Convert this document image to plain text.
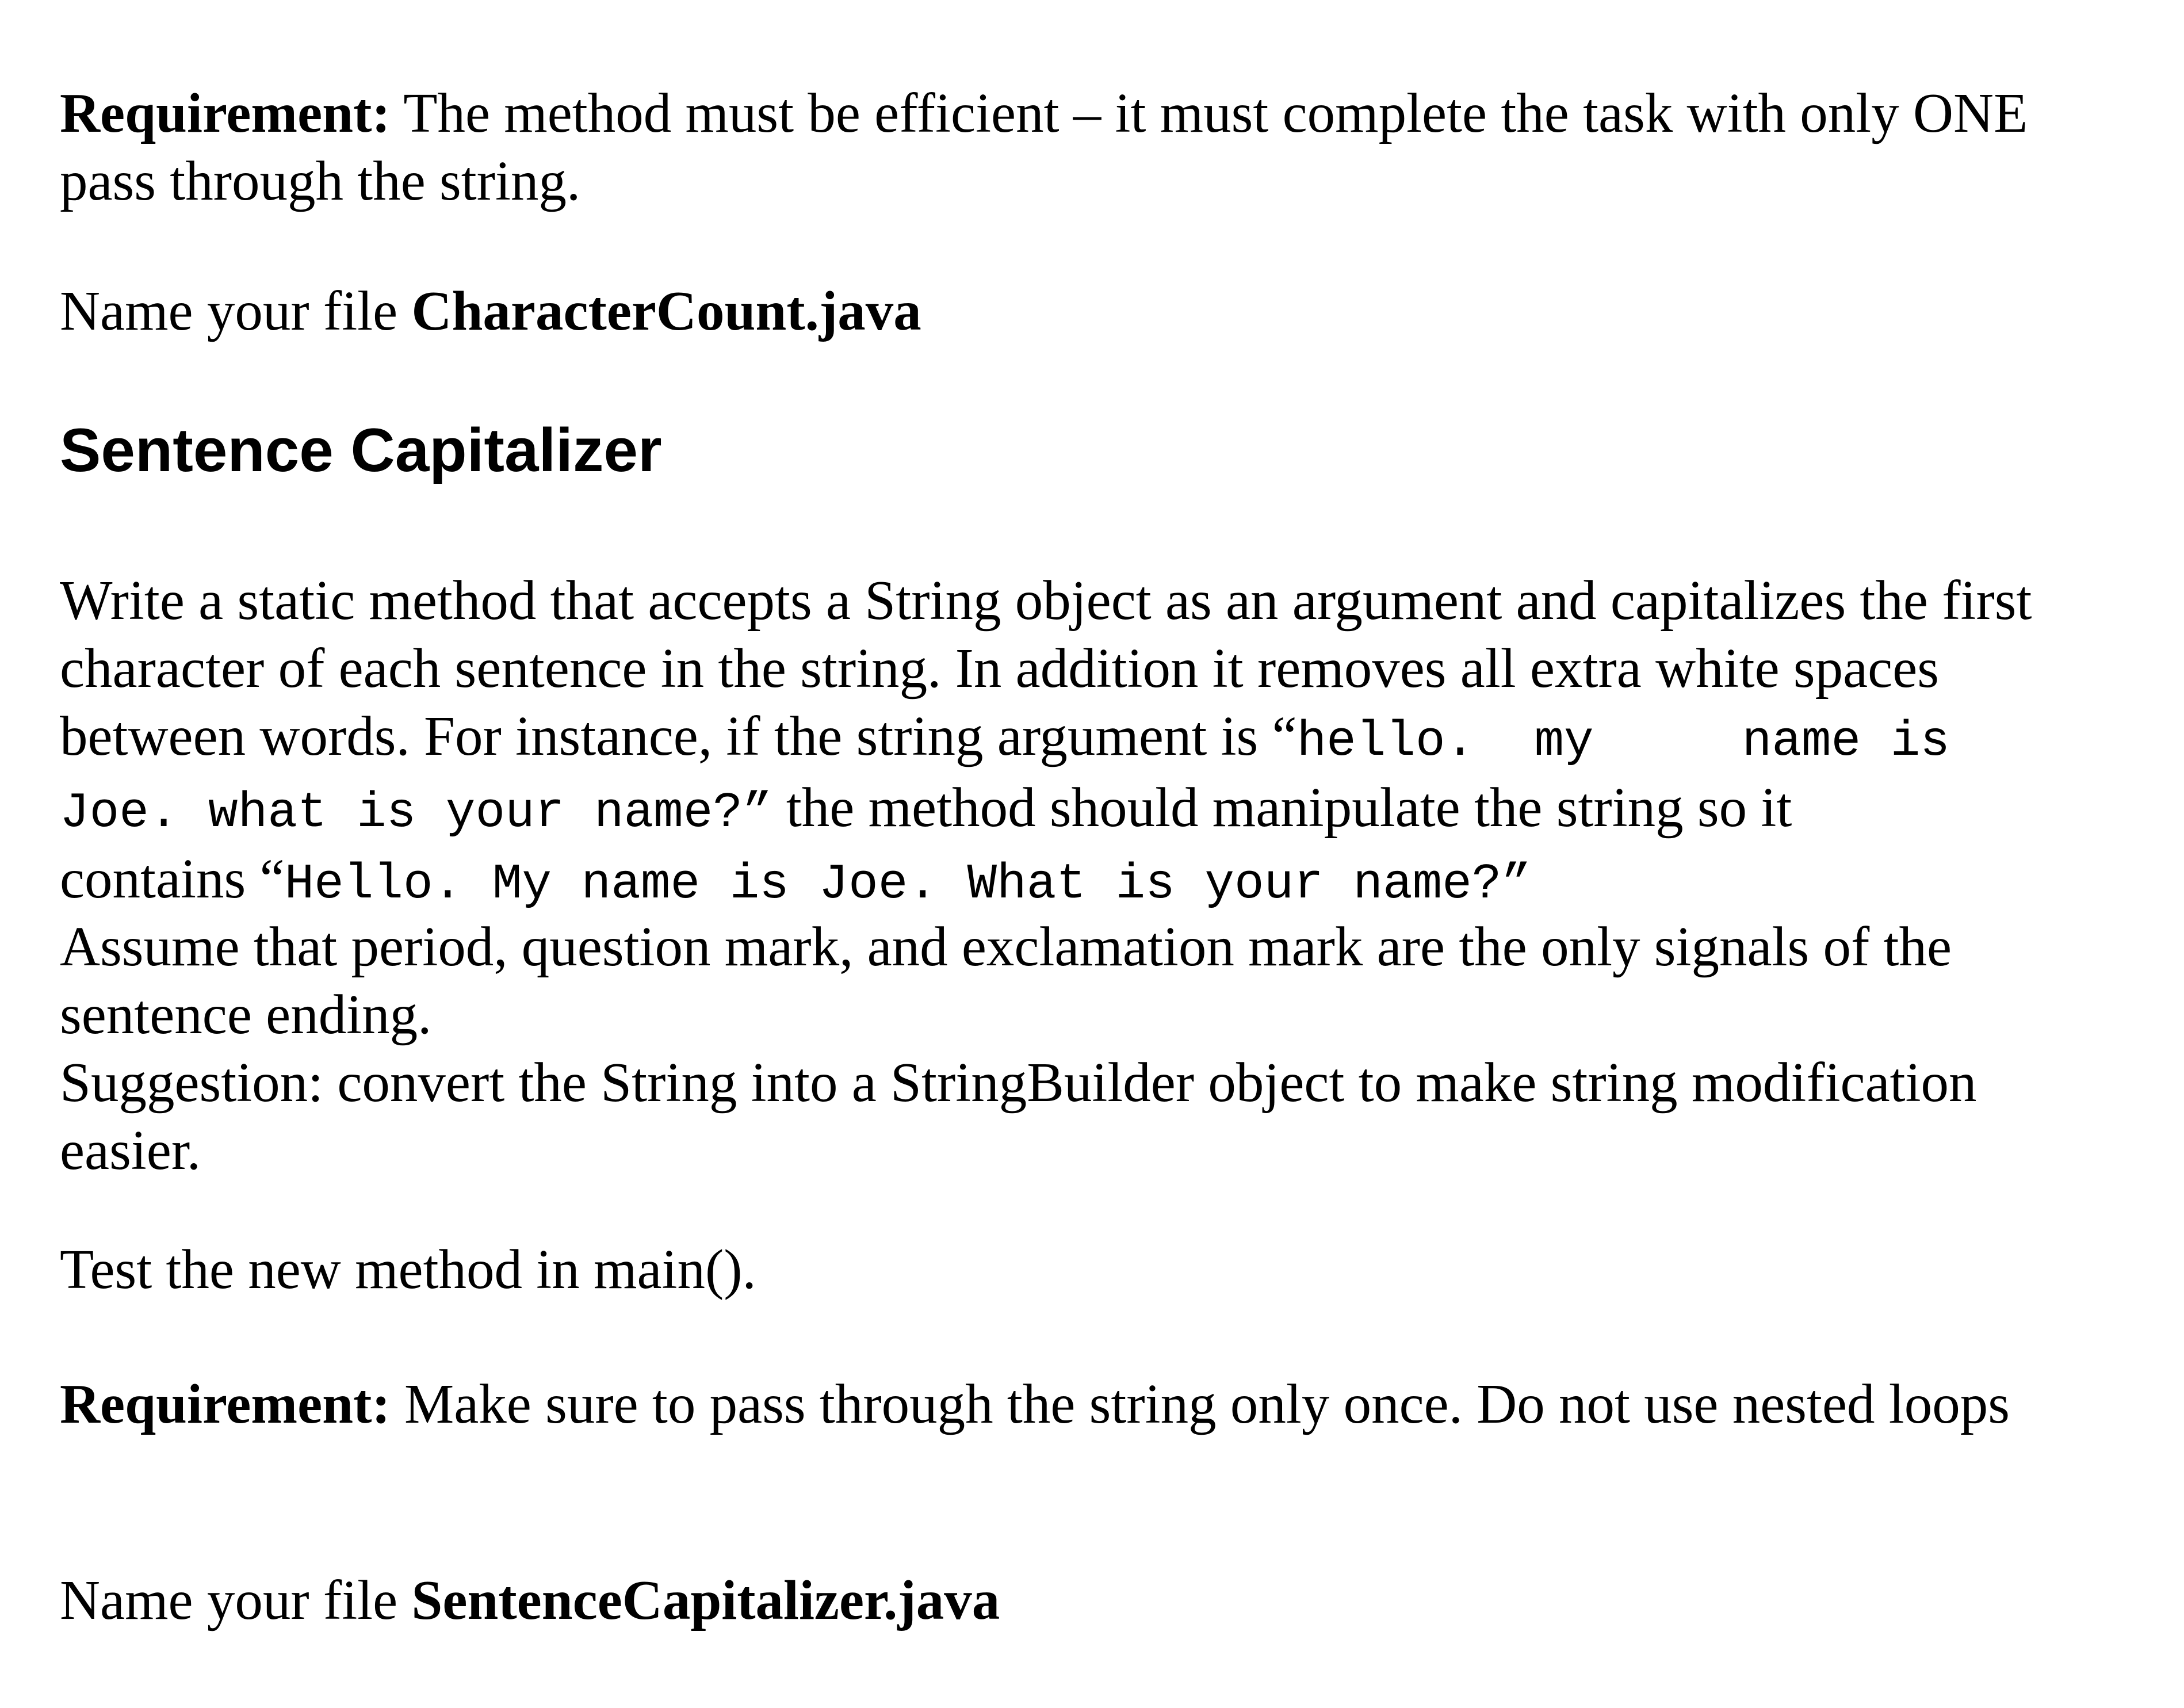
Requirement: The method must be efficient – it must complete the task with only ONE
pass through the string.

Name your file CharacterCount.java

Sentence Capitalizer
Write a static method that accepts a String object as an argument and capitalizes the first
character of each sentence in the string. In addition it removes all extra white spaces
between words. For instance, if the string argument is “hello.  my     name is
Joe. what is your name?” the method should manipulate the string so it
contains “Hello. My name is Joe. What is your name?”
Assume that period, question mark, and exclamation mark are the only signals of the
sentence ending.
Suggestion: convert the String into a StringBuilder object to make string modification
easier.

Test the new method in main().

Requirement: Make sure to pass through the string only once. Do not use nested loops

Name your file SentenceCapitalizer.java
